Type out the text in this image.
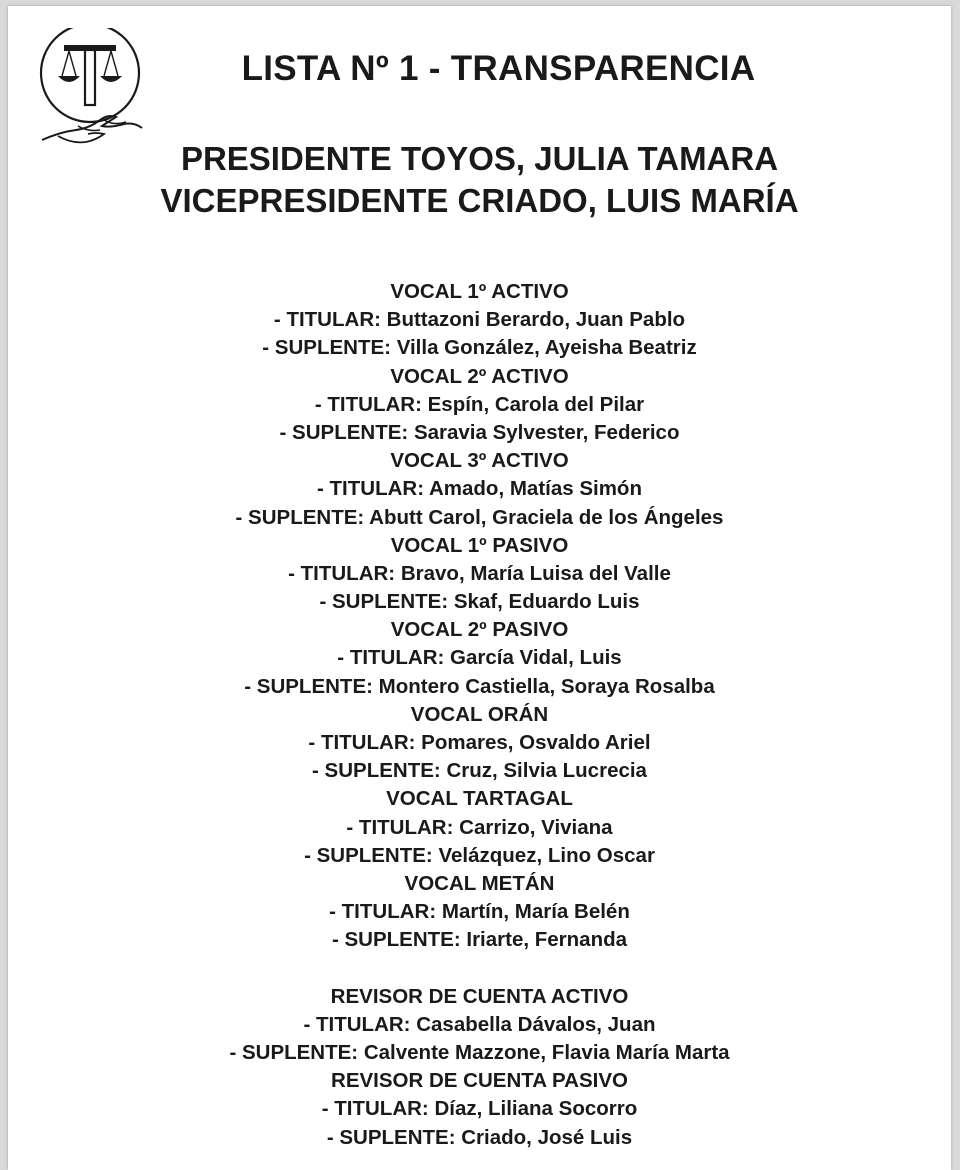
LISTA Nº 1 - TRANSPARENCIA
PRESIDENTE TOYOS, JULIA TAMARA
VICEPRESIDENTE CRIADO, LUIS MARÍA
VOCAL 1º ACTIVO
- TITULAR: Buttazoni Berardo, Juan Pablo
- SUPLENTE: Villa González, Ayeisha Beatriz
VOCAL 2º ACTIVO
- TITULAR: Espín, Carola del Pilar
- SUPLENTE: Saravia Sylvester, Federico
VOCAL 3º ACTIVO
- TITULAR: Amado, Matías Simón
- SUPLENTE: Abutt Carol, Graciela de los Ángeles
VOCAL 1º PASIVO
- TITULAR: Bravo, María Luisa del Valle
- SUPLENTE: Skaf, Eduardo Luis
VOCAL 2º PASIVO
- TITULAR: García Vidal, Luis
- SUPLENTE: Montero Castiella, Soraya Rosalba
VOCAL ORÁN
- TITULAR: Pomares, Osvaldo Ariel
- SUPLENTE: Cruz, Silvia Lucrecia
VOCAL TARTAGAL
- TITULAR: Carrizo, Viviana
- SUPLENTE: Velázquez, Lino Oscar
VOCAL METÁN
- TITULAR: Martín, María Belén
- SUPLENTE: Iriarte, Fernanda
REVISOR DE CUENTA ACTIVO
- TITULAR: Casabella Dávalos, Juan
- SUPLENTE: Calvente Mazzone, Flavia María Marta
REVISOR DE CUENTA PASIVO
- TITULAR: Díaz, Liliana Socorro
- SUPLENTE: Criado, José Luis
